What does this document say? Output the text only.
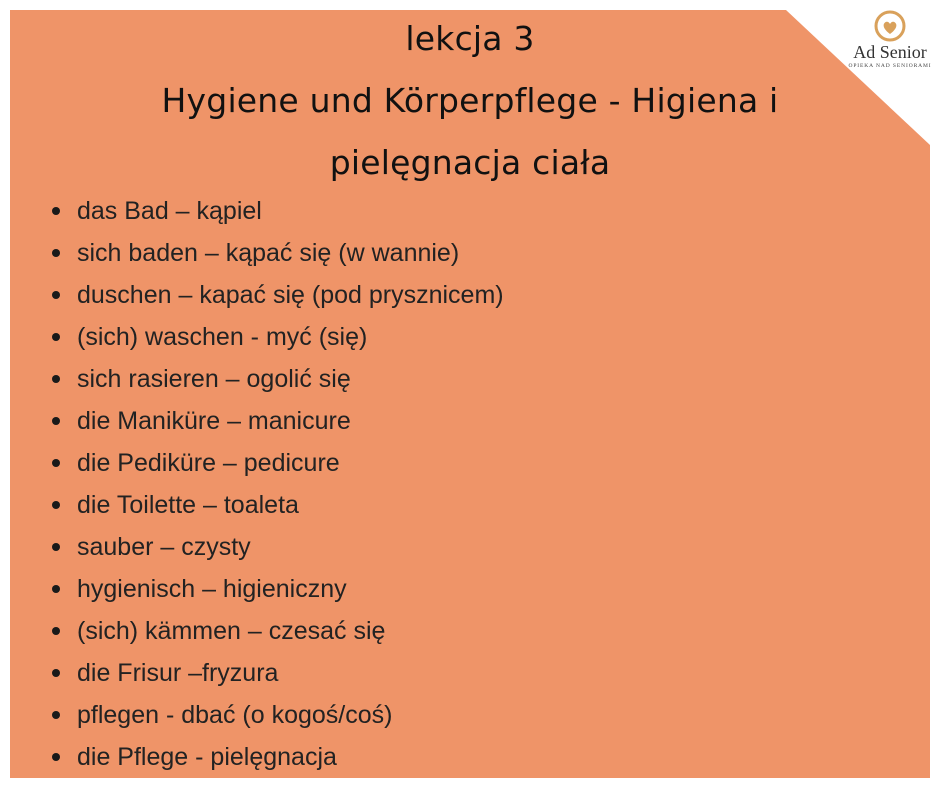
lekcja 3
Hygiene und Körperpflege - Higiena i
pielęgnacja ciała
Ad Senior
OPIEKA NAD SENIORAMI
das Bad – kąpiel
sich baden – kąpać się (w wannie)
duschen – kapać się (pod prysznicem)
(sich) waschen - myć (się)
sich rasieren – ogolić się
die Maniküre – manicure
die Pediküre – pedicure
die Toilette – toaleta
sauber – czysty
hygienisch – higieniczny
(sich) kämmen – czesać się
die Frisur –fryzura
pflegen - dbać (o kogoś/coś)
die Pflege - pielęgnacja
